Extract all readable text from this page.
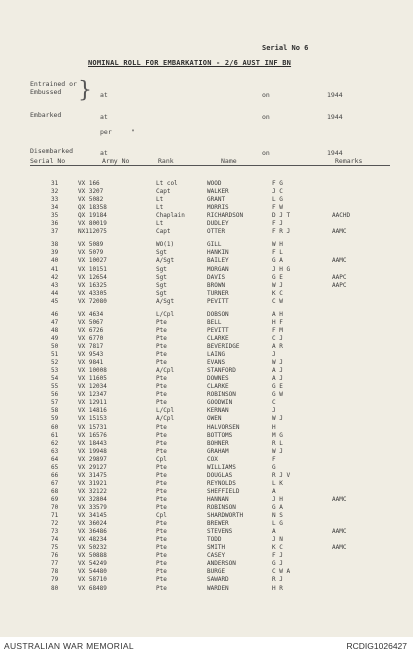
Serial No 6
NOMINAL ROLL FOR EMBARKATION - 2/6 AUST INF BN
Entrained or Embussed } at	on	1944
Embarked	at	on	1944
per	"
Disembarked	at	on	1944
Serial No	Army No	Rank	Name	Remarks
31	VX 166	Lt col	WOOD	F G
32	VX 3207	Capt	WALKER	J C
33	VX 5082	Lt	GRANT	L G
34	QX 18358	Lt	MORRIS	F W
35	QX 19184	Chaplain	RICHARDSON	D J T	AACHD
36	VX 80019	Lt	DUDLEY	F J
37	NX112075	Capt	OTTER	F R J	AAMC
38	VX 5089	WO(1)	GILL	W H
39	VX 5079	Sgt	HANKIN	F L
40	VX 10027	A/Sgt	BAILEY	G A	AAMC
41	VX 10151	Sgt	MORGAN	J H G
42	VX 12654	Sgt	DAVIS	G E	AAPC
43	VX 16325	Sgt	BROWN	W J	AAPC
44	VX 43305	Sgt	TURNER	K C
45	VX 72080	A/Sgt	PEVITT	C W
46	VX 4634	L/Cpl	DOBSON	A H
47	VX 5067	Pte	BELL	H F
48	VX 6726	Pte	PEVITT	F M
49	VX 6770	Pte	CLARKE	C J
50	VX 7817	Pte	BEVERIDGE	A R
51	VX 9543	Pte	LAING	J
52	VX 9841	Pte	EVANS	W J
53	VX 10008	A/Cpl	STANFORD	A J
54	VX 11605	Pte	DOWNES	A J
55	VX 12034	Pte	CLARKE	G E
56	VX 12347	Pte	ROBINSON	G W
57	VX 12911	Pte	GOODWIN	C
58	VX 14816	L/Cpl	KERNAN	J
59	VX 15153	A/Cpl	OWEN	W J
60	VX 15731	Pte	HALVORSEN	H
61	VX 16576	Pte	BOTTOMS	M G
62	VX 18443	Pte	BOHNER	R L
63	VX 19948	Pte	GRAHAM	W J
64	VX 29897	Cpl	COX	F
65	VX 29127	Pte	WILLIAMS	G
66	VX 31475	Pte	DOUGLAS	R J V
67	VX 31921	Pte	REYNOLDS	L K
68	VX 32122	Pte	SHEFFIELD	A
69	VX 32804	Pte	HANNAN	J H	AAMC
70	VX 33579	Pte	ROBINSON	G A
71	VX 34145	Cpl	SHARDWORTH	N S
72	VX 36024	Pte	BREWER	L G
73	VX 36486	Pte	STEVENS	A	AAMC
74	VX 48234	Pte	TODD	J N
75	VX 50232	Pte	SMITH	K C	AAMC
76	VX 50888	Pte	CASEY	F J
77	VX 54249	Pte	ANDERSON	G J
78	VX 54480	Pte	BURGE	C W A
79	VX 58710	Pte	SAWARD	R J
80	VX 68489	Pte	WARDEN	H R
AUSTRALIAN WAR MEMORIAL	RCDIG1026427
